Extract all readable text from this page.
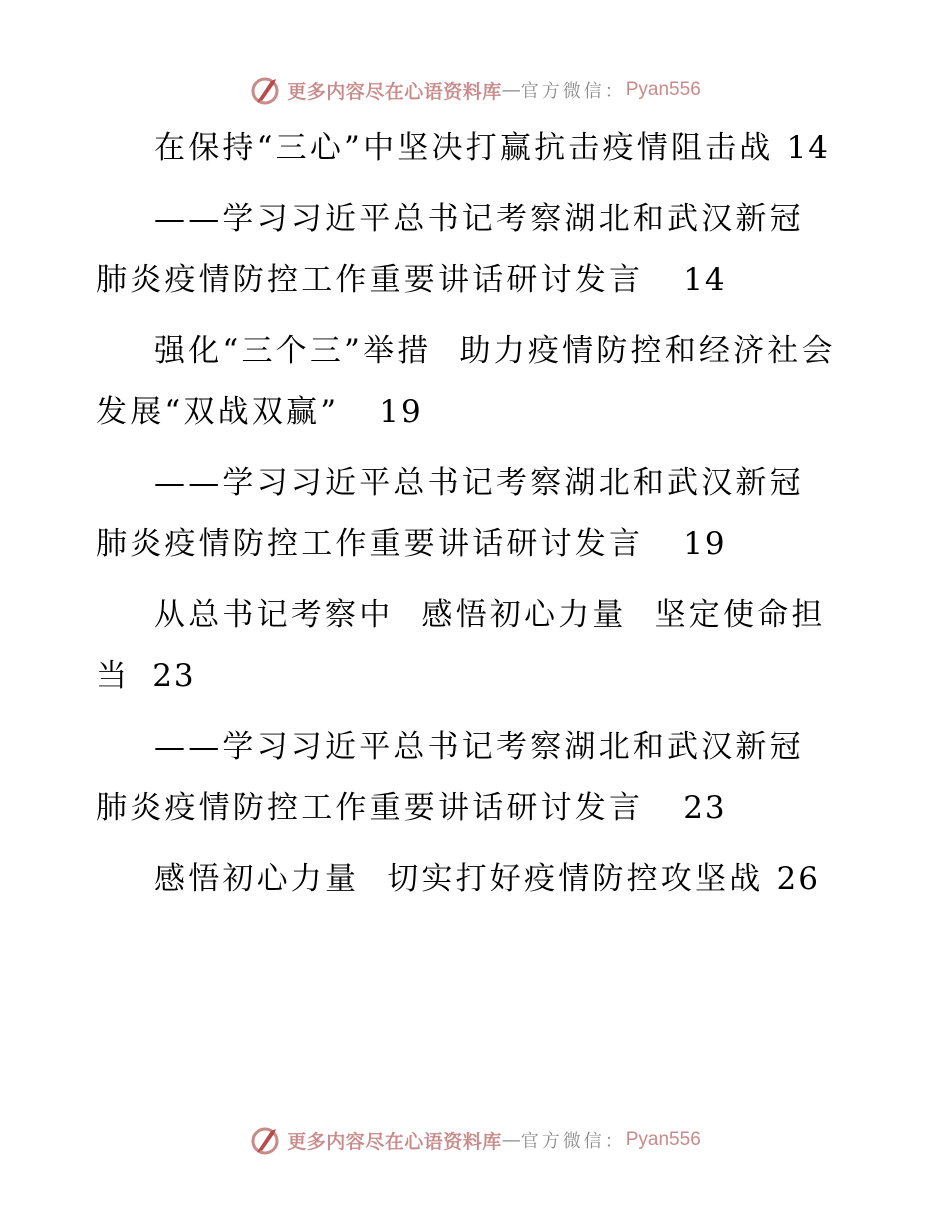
更多内容尽在心语资料库 — 官方微信： Pyan556

在保持“三心”中坚决打赢抗击疫情阻击战 14

——学习习近平总书记考察湖北和武汉新冠肺炎疫情防控工作重要讲话研讨发言 14

强化“三个三”举措 助力疫情防控和经济社会发展“双战双赢” 19

——学习习近平总书记考察湖北和武汉新冠肺炎疫情防控工作重要讲话研讨发言 19

从总书记考察中 感悟初心力量 坚定使命担当 23

——学习习近平总书记考察湖北和武汉新冠肺炎疫情防控工作重要讲话研讨发言 23

感悟初心力量 切实打好疫情防控攻坚战 26

更多内容尽在心语资料库 — 官方微信： Pyan556
